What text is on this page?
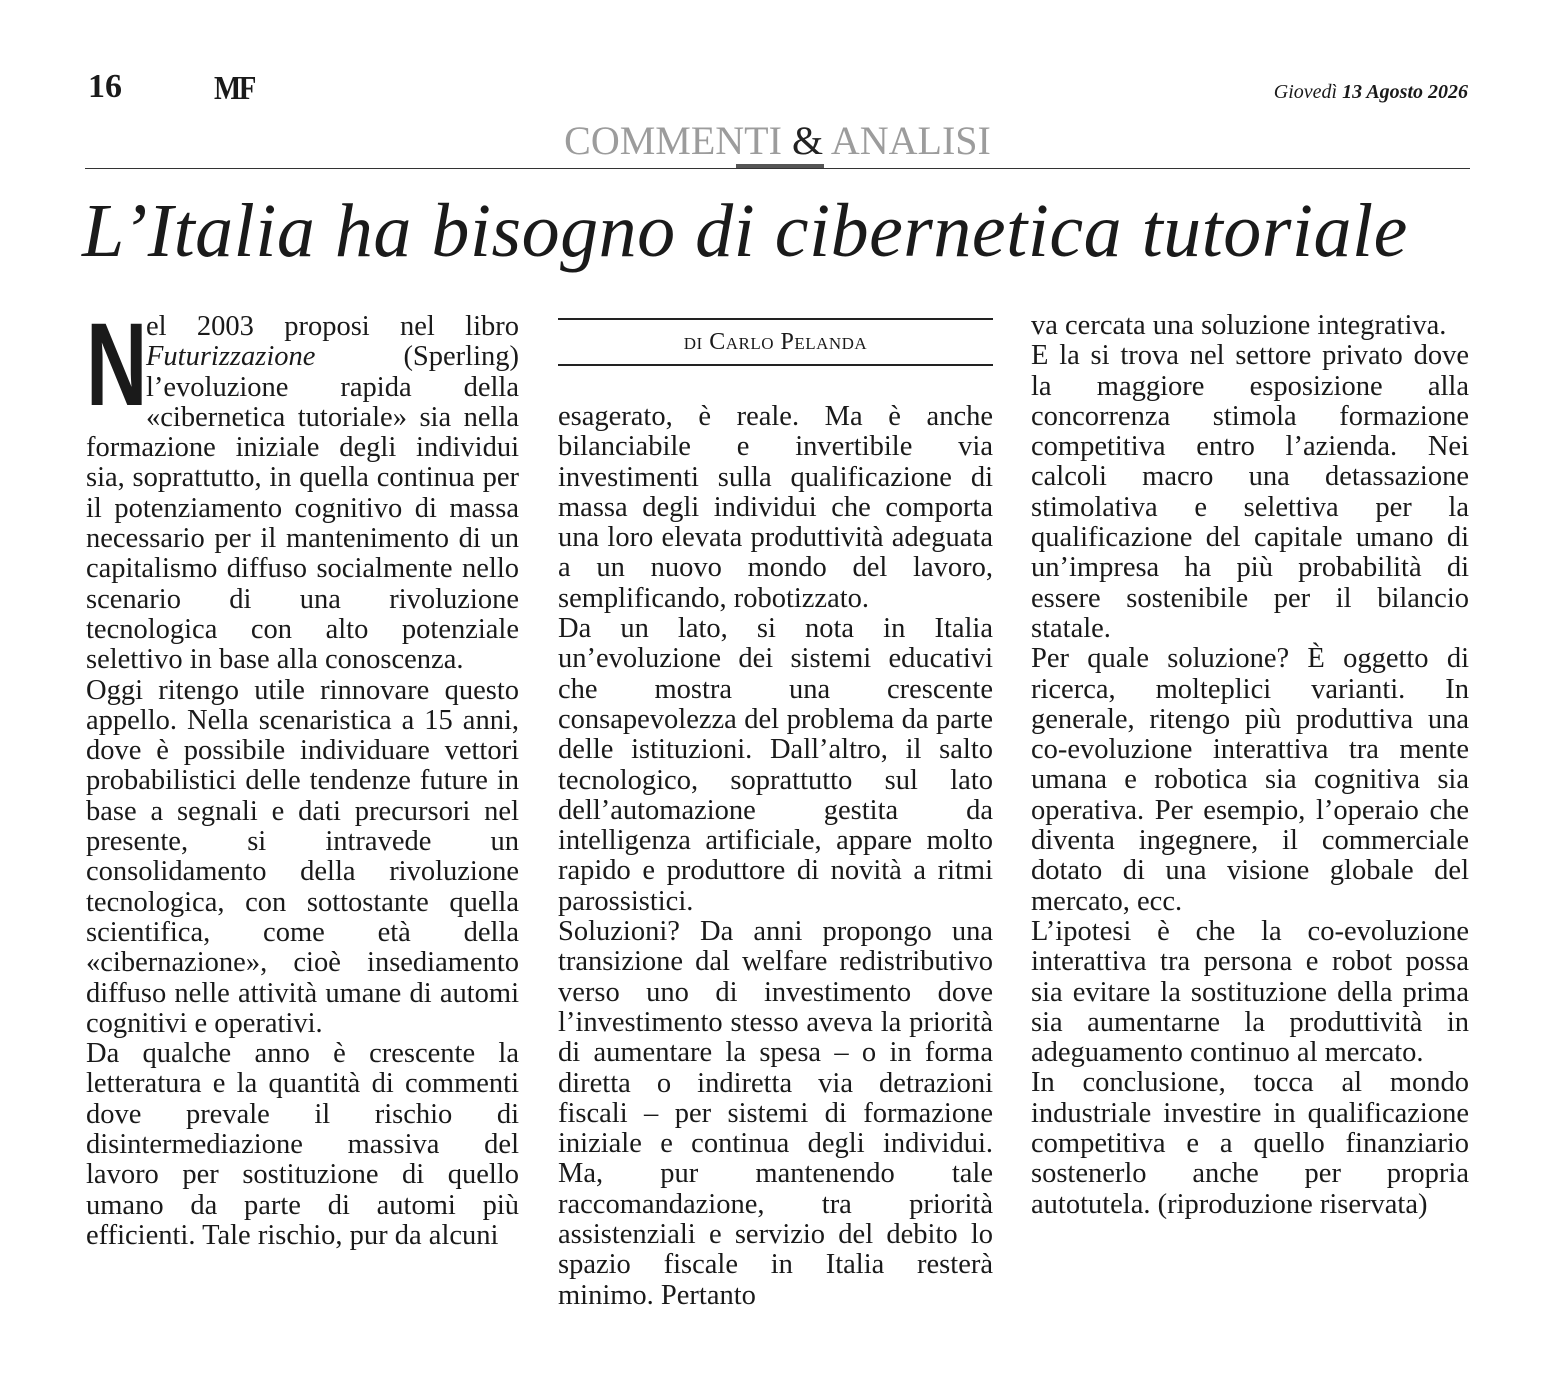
16	MF	Giovedì 13 Agosto 2026
COMMENTI & ANALISI
L’Italia ha bisogno di cibernetica tutoriale
N

el 2003 proposi nel libro Futurizzazione (Sperling) l’evoluzione rapida della «cibernetica tutoriale» sia nella formazione iniziale degli individui sia, soprattutto, in quella continua per il potenziamento cognitivo di massa necessario per il mantenimento di un capitalismo diffuso socialmente nello scenario di una rivoluzione tecnologica con alto potenziale selettivo in base alla conoscenza.

Oggi ritengo utile rinnovare questo appello. Nella scenaristica a 15 anni, dove è possibile individuare vettori probabilistici delle tendenze future in base a segnali e dati precursori nel presente, si intravede un consolidamento della rivoluzione tecnologica, con sottostante quella scientifica, come età della «cibernazione», cioè insediamento diffuso nelle attività umane di automi cognitivi e operativi.

Da qualche anno è crescente la letteratura e la quantità di commenti dove prevale il rischio di disintermediazione massiva del lavoro per sostituzione di quello umano da parte di automi più efficienti. Tale rischio, pur da alcuni

di Carlo Pelanda

esagerato, è reale. Ma è anche bilanciabile e invertibile via investimenti sulla qualificazione di massa degli individui che comporta una loro elevata produttività adeguata a un nuovo mondo del lavoro, semplificando, robotizzato.

Da un lato, si nota in Italia un’evoluzione dei sistemi educativi che mostra una crescente consapevolezza del problema da parte delle istituzioni. Dall’altro, il salto tecnologico, soprattutto sul lato dell’automazione gestita da intelligenza artificiale, appare molto rapido e produttore di novità a ritmi parossistici.

Soluzioni? Da anni propongo una transizione dal welfare redistributivo verso uno di investimento dove l’investimento stesso aveva la priorità di aumentare la spesa – o in forma diretta o indiretta via detrazioni fiscali – per sistemi di formazione iniziale e continua degli individui. Ma, pur mantenendo tale raccomandazione, tra priorità assistenziali e servizio del debito lo spazio fiscale in Italia resterà minimo. Pertanto

va cercata una soluzione integrativa.

E la si trova nel settore privato dove la maggiore esposizione alla concorrenza stimola formazione competitiva entro l’azienda. Nei calcoli macro una detassazione stimolativa e selettiva per la qualificazione del capitale umano di un’impresa ha più probabilità di essere sostenibile per il bilancio statale.

Per quale soluzione? È oggetto di ricerca, molteplici varianti. In generale, ritengo più produttiva una co-evoluzione interattiva tra mente umana e robotica sia cognitiva sia operativa. Per esempio, l’operaio che diventa ingegnere, il commerciale dotato di una visione globale del mercato, ecc.

L’ipotesi è che la co-evoluzione interattiva tra persona e robot possa sia evitare la sostituzione della prima sia aumentarne la produttività in adeguamento continuo al mercato.

In conclusione, tocca al mondo industriale investire in qualificazione competitiva e a quello finanziario sostenerlo anche per propria autotutela. (riproduzione riservata)
